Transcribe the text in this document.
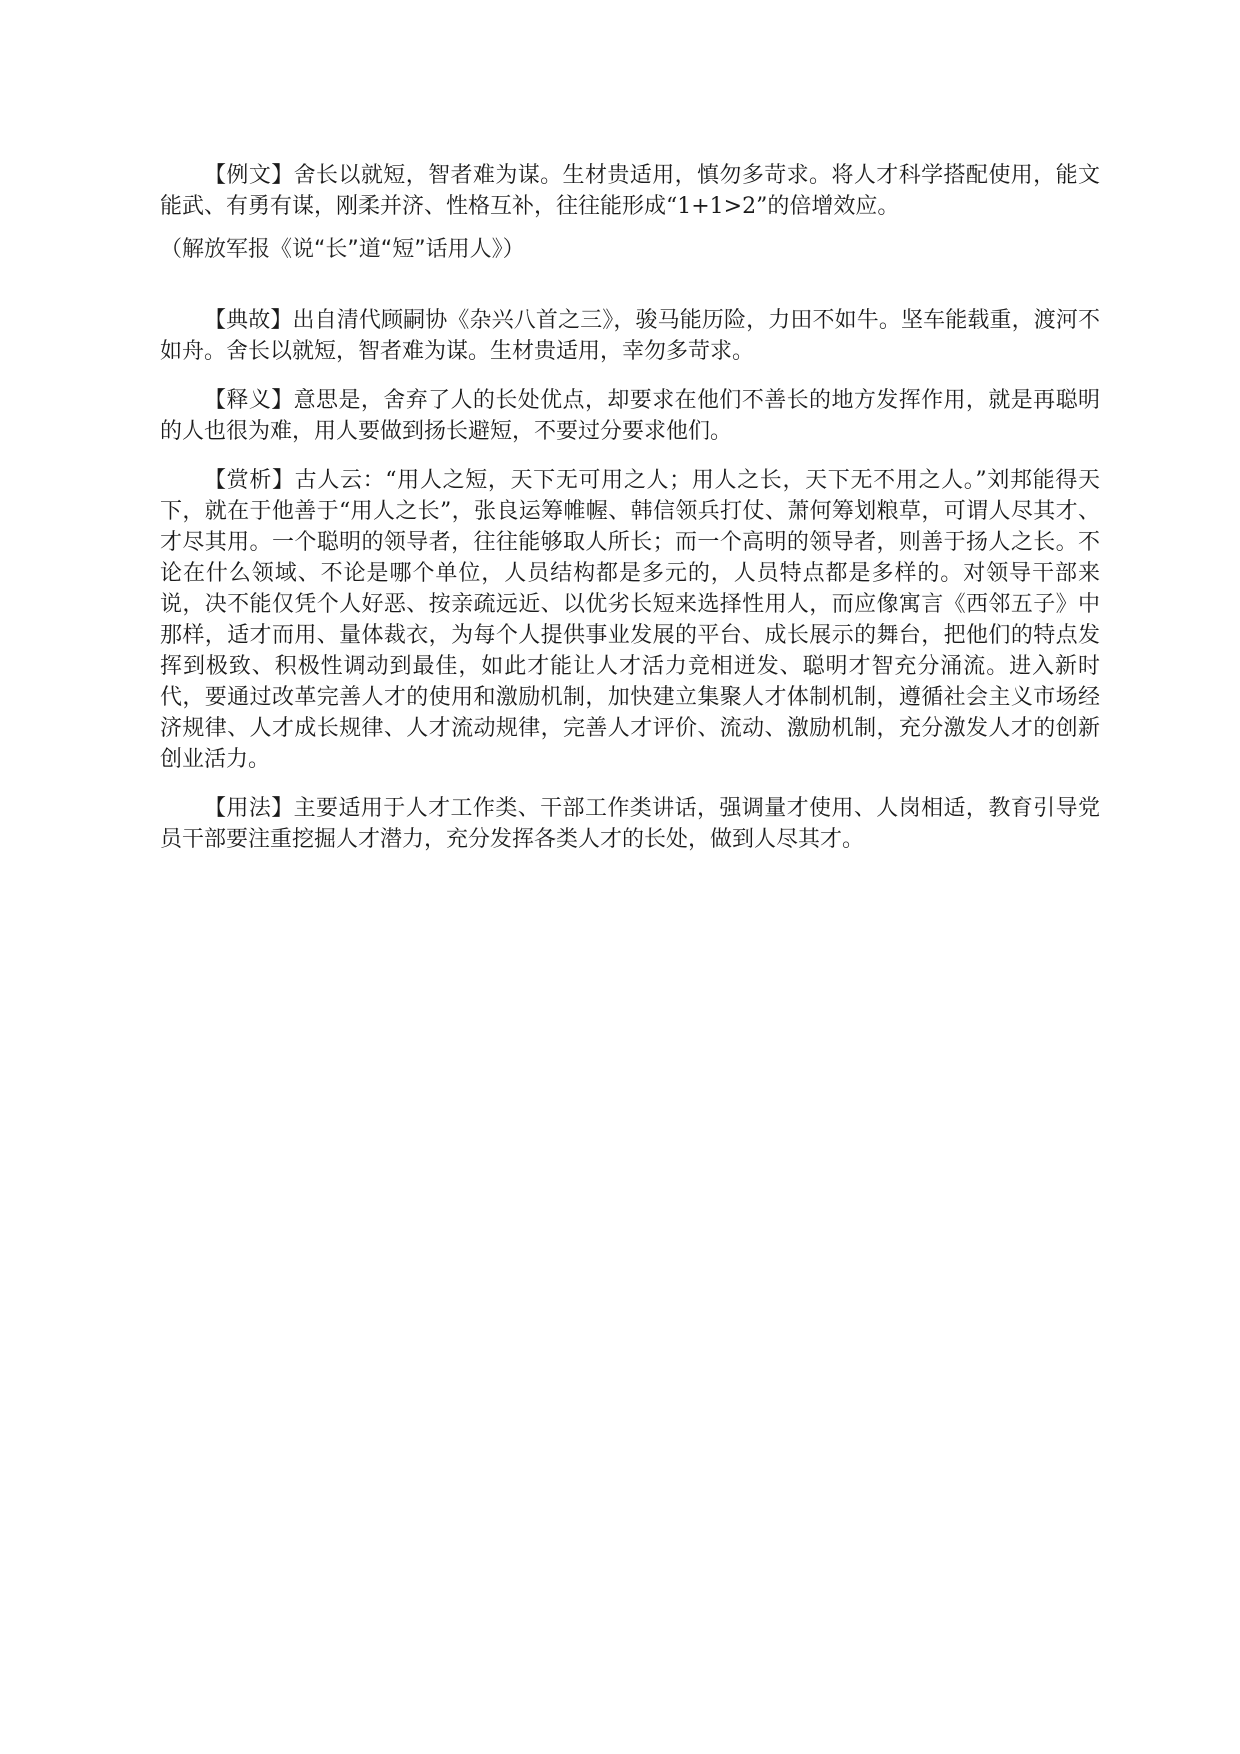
【例文】舍长以就短，智者难为谋。生材贵适用，慎勿多苛求。将人才科学搭配使用，能文能武、有勇有谋，刚柔并济、性格互补，往往能形成“1+1>2”的倍增效应。

（解放军报《说“长”道“短”话用人》）

【典故】出自清代顾嗣协《杂兴八首之三》，骏马能历险，力田不如牛。坚车能载重，渡河不如舟。舍长以就短，智者难为谋。生材贵适用，幸勿多苛求。

【释义】意思是，舍弃了人的长处优点，却要求在他们不善长的地方发挥作用，就是再聪明的人也很为难，用人要做到扬长避短，不要过分要求他们。

【赏析】古人云：“用人之短，天下无可用之人；用人之长，天下无不用之人。”刘邦能得天下，就在于他善于“用人之长”，张良运筹帷幄、韩信领兵打仗、萧何筹划粮草，可谓人尽其才、才尽其用。一个聪明的领导者，往往能够取人所长；而一个高明的领导者，则善于扬人之长。不论在什么领域、不论是哪个单位，人员结构都是多元的，人员特点都是多样的。对领导干部来说，决不能仅凭个人好恶、按亲疏远近、以优劣长短来选择性用人，而应像寓言《西邻五子》中那样，适才而用、量体裁衣，为每个人提供事业发展的平台、成长展示的舞台，把他们的特点发挥到极致、积极性调动到最佳，如此才能让人才活力竞相迸发、聪明才智充分涌流。进入新时代，要通过改革完善人才的使用和激励机制，加快建立集聚人才体制机制，遵循社会主义市场经济规律、人才成长规律、人才流动规律，完善人才评价、流动、激励机制，充分激发人才的创新创业活力。

【用法】主要适用于人才工作类、干部工作类讲话，强调量才使用、人岗相适，教育引导党员干部要注重挖掘人才潜力，充分发挥各类人才的长处，做到人尽其才。
